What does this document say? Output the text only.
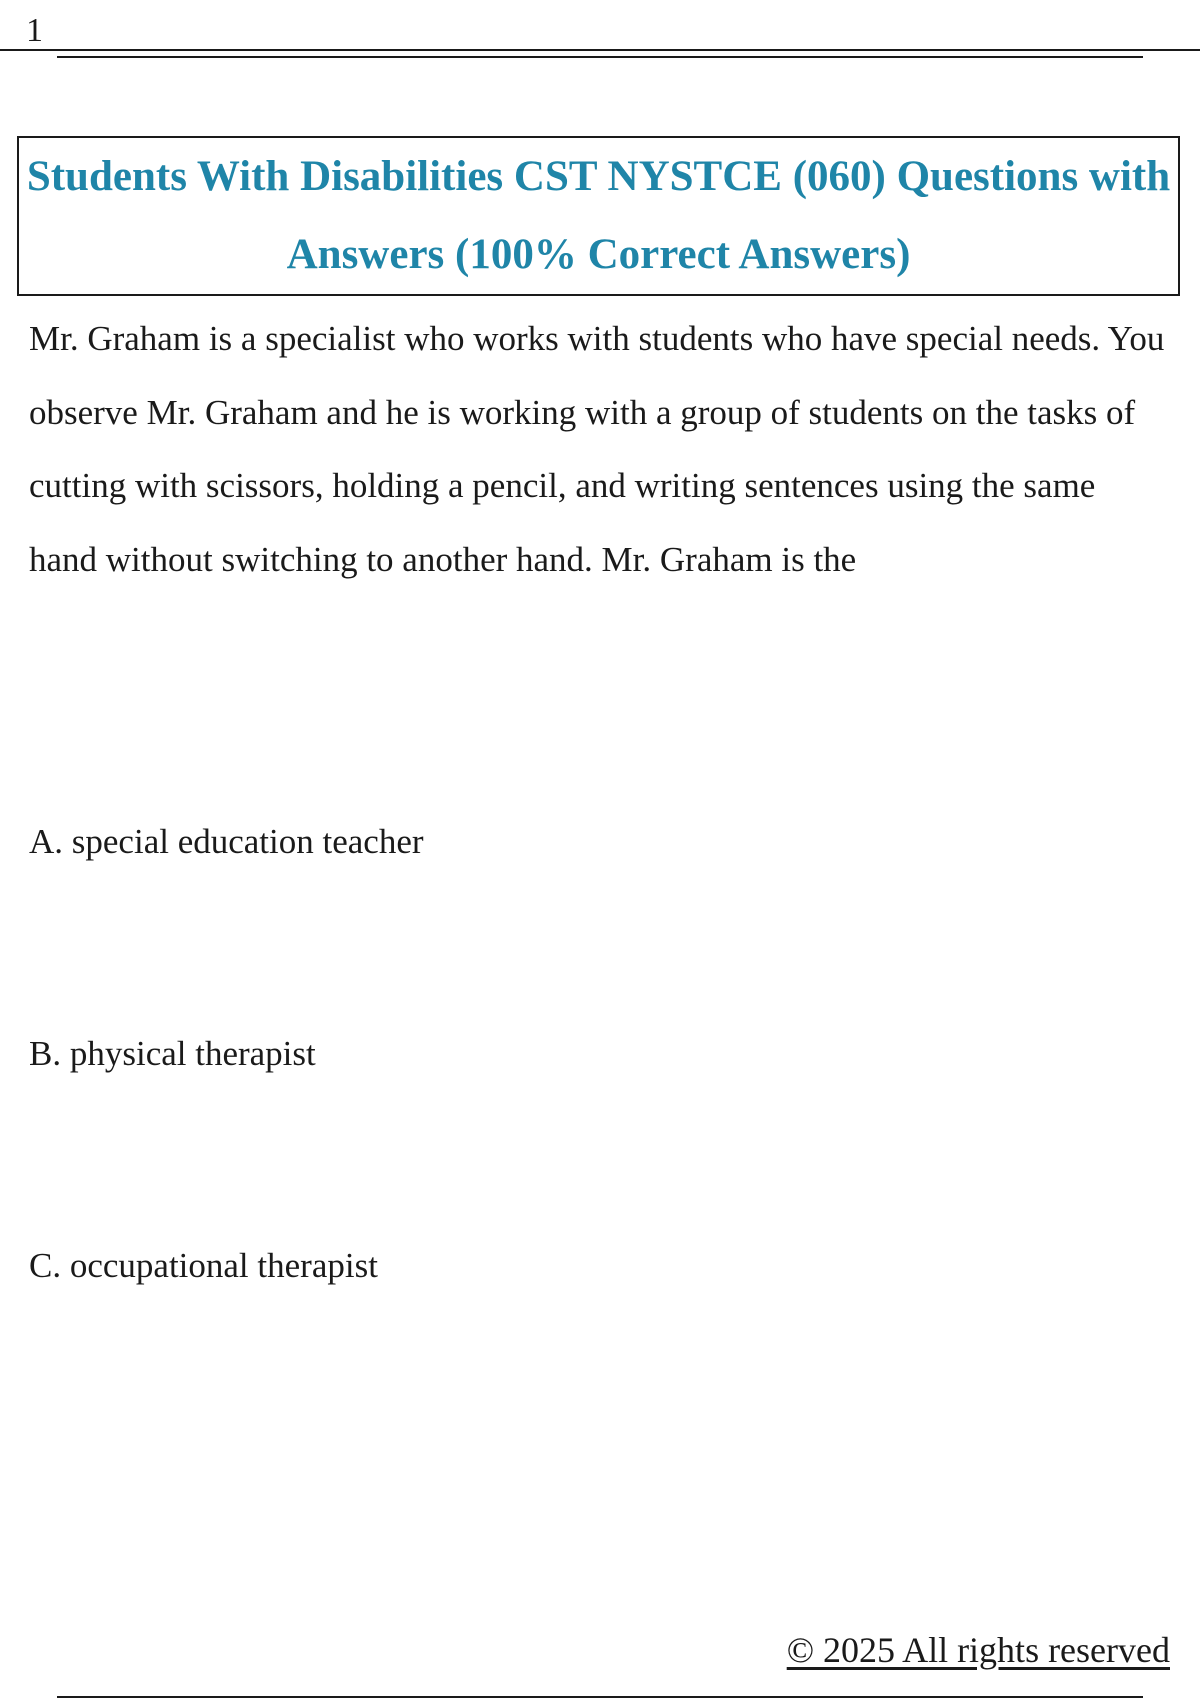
1
Students With Disabilities CST NYSTCE (060) Questions with Answers (100% Correct Answers)

Mr. Graham is a specialist who works with students who have special needs. You observe Mr. Graham and he is working with a group of students on the tasks of cutting with scissors, holding a pencil, and writing sentences using the same hand without switching to another hand. Mr. Graham is the

A. special education teacher

B. physical therapist

C. occupational therapist

© 2025 All rights reserved
